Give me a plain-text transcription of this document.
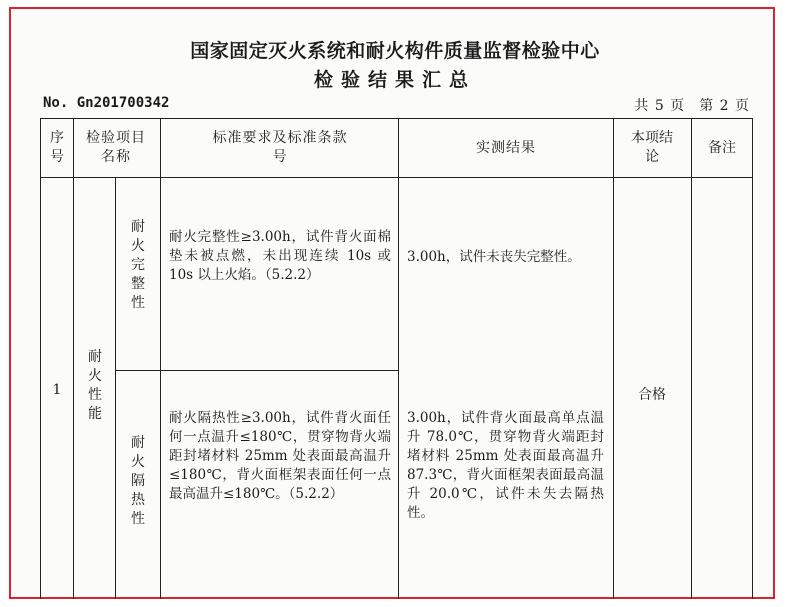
国家固定灭火系统和耐火构件质量监督检验中心
检验结果汇总
No. Gn201700342	共 5 页 第 2 页
序号
检验项目名称
标准要求及标准条款号
实测结果
本项结论
备注
1
耐火性能
耐火完整性
耐火完整性≥3.00h，试件背火面棉垫未被点燃，未出现连续 10s 或 10s 以上火焰。（5.2.2）
3.00h，试件未丧失完整性。
耐火隔热性
耐火隔热性≥3.00h，试件背火面任何一点温升≤180℃，贯穿物背火端距封堵材料 25mm 处表面最高温升≤180℃，背火面框架表面任何一点最高温升≤180℃。（5.2.2）
3.00h，试件背火面最高单点温升 78.0℃，贯穿物背火端距封堵材料 25mm 处表面最高温升 87.3℃，背火面框架表面最高温升 20.0℃，试件未失去隔热性。
合格
